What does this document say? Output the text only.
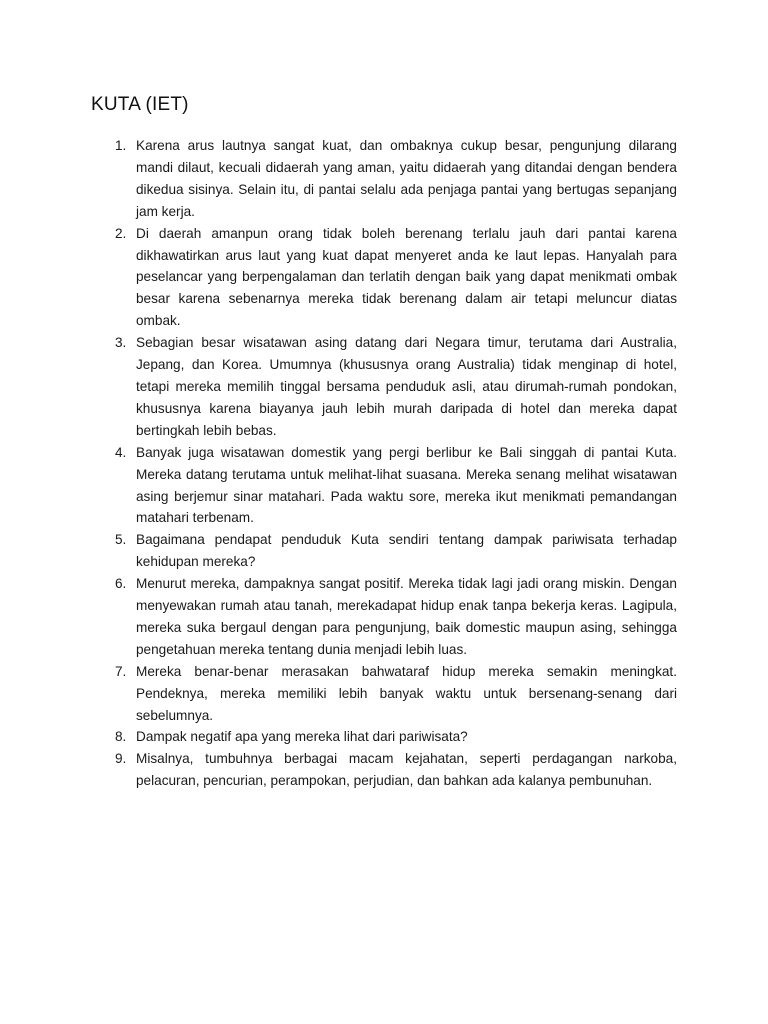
KUTA (IET)
1. Karena arus lautnya sangat kuat, dan ombaknya cukup besar, pengunjung dilarang mandi dilaut, kecuali didaerah yang aman, yaitu didaerah yang ditandai dengan bendera dikedua sisinya. Selain itu, di pantai selalu ada penjaga pantai yang bertugas sepanjang jam kerja.
2. Di daerah amanpun orang tidak boleh berenang terlalu jauh dari pantai karena dikhawatirkan arus laut yang kuat dapat menyeret anda ke laut lepas. Hanyalah para peselancar yang berpengalaman dan terlatih dengan baik yang dapat menikmati ombak besar karena sebenarnya mereka tidak berenang dalam air tetapi meluncur diatas ombak.
3. Sebagian besar wisatawan asing datang dari Negara timur, terutama dari Australia, Jepang, dan Korea. Umumnya (khususnya orang Australia) tidak menginap di hotel, tetapi mereka memilih tinggal bersama penduduk asli, atau dirumah-rumah pondokan, khususnya karena biayanya jauh lebih murah daripada di hotel dan mereka dapat bertingkah lebih bebas.
4. Banyak juga wisatawan domestik yang pergi berlibur ke Bali singgah di pantai Kuta. Mereka datang terutama untuk melihat-lihat suasana. Mereka senang melihat wisatawan asing berjemur sinar matahari. Pada waktu sore, mereka ikut menikmati pemandangan matahari terbenam.
5. Bagaimana pendapat penduduk Kuta sendiri tentang dampak pariwisata terhadap kehidupan mereka?
6. Menurut mereka, dampaknya sangat positif. Mereka tidak lagi jadi orang miskin. Dengan menyewakan rumah atau tanah, merekadapat hidup enak tanpa bekerja keras. Lagipula, mereka suka bergaul dengan para pengunjung, baik domestic maupun asing, sehingga pengetahuan mereka tentang dunia menjadi lebih luas.
7. Mereka benar-benar merasakan bahwataraf hidup mereka semakin meningkat. Pendeknya, mereka memiliki lebih banyak waktu untuk bersenang-senang dari sebelumnya.
8. Dampak negatif apa yang mereka lihat dari pariwisata?
9. Misalnya, tumbuhnya berbagai macam kejahatan, seperti perdagangan narkoba, pelacuran, pencurian, perampokan, perjudian, dan bahkan ada kalanya pembunuhan.
